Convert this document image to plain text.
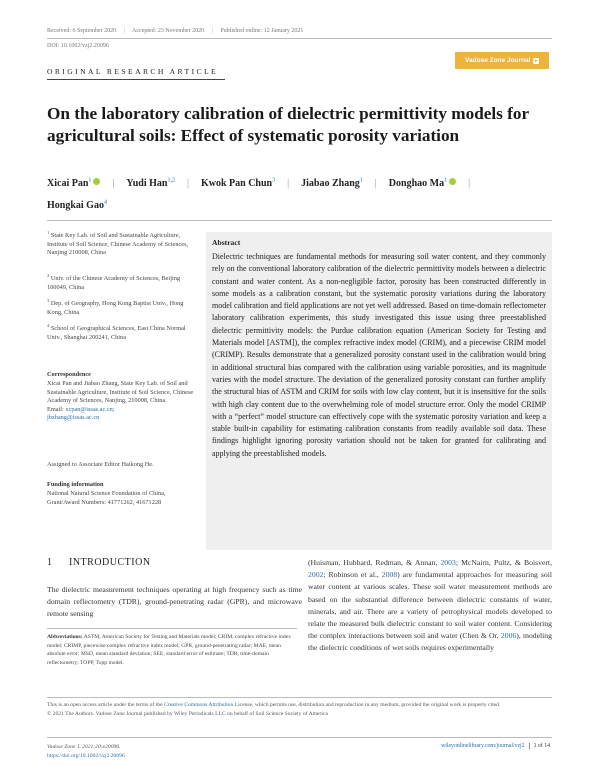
Received: 6 September 2020 | Accepted: 23 November 2020 | Published online: 12 January 2021
DOI: 10.1002/vzj2.20096
Vadose Zone Journal ▸
ORIGINAL RESEARCH ARTICLE
On the laboratory calibration of dielectric permittivity models for agricultural soils: Effect of systematic porosity variation
Xicai Pan$^1$ | Yudi Han$^{1,2}$ | Kwok Pan Chun$^3$ | Jiabao Zhang$^1$ | Donghao Ma$^1$ |
Hongkai Gao$^4$
$^1$ State Key Lab. of Soil and Sustainable Agriculture, Institute of Soil Science, Chinese Academy of Sciences, Nanjing 210008, China
$^2$ Univ. of the Chinese Academy of Sciences, Beijing 100049, China
$^3$ Dep. of Geography, Hong Kong Baptist Univ., Hong Kong, China
$^4$ School of Geographical Sciences, East China Normal Univ., Shanghai 200241, China
Correspondence
Xicai Pan and Jiabao Zhang, State Key Lab. of Soil and Sustainable Agriculture, Institute of Soil Science, Chinese Academy of Sciences, Nanjing, 210008, China.
Email: xcpan@issas.ac.cn;
jbzhang@issas.ac.cn
Assigned to Associate Editor Haikong He.
Funding information
National Natural Science Foundation of China, Grant/Award Numbers: 41771262, 41671228
Abstract
Dielectric techniques are fundamental methods for measuring soil water content, and they commonly rely on the conventional laboratory calibration of the dielectric permittivity models between a dielectric constant and water content. As a non-negligible factor, porosity has been constructed differently in some models as a calibration constant, but the systematic porosity variations during the laboratory model calibration and field applications are not yet well addressed. Based on time-domain reflectometer laboratory calibration experiments, this study investigated this issue using three preestablished dielectric permittivity models: the Purdue calibration equation (American Society for Testing and Materials model [ASTM]), the complex refractive index model (CRIM), and a piecewise CRIM model (CRIMP). Results demonstrate that a generalized porosity constant used in the calibration would bring in additional structural bias compared with the calibration using variable porosities, and its magnitude varies with the model structure. The deviation of the generalized porosity constant can further amplify the structural bias of ASTM and CRIM for soils with low clay content, but it is insensitive for the soils with high clay content due to the overwhelming role of model structure error. Only the model CRIMP with a “perfect” model structure can effectively cope with the systematic porosity variation and keep a stable built-in capability for estimating calibration constants from readily available soil data. These findings highlight ignoring porosity variation should not be taken for granted for calibrating and applying the preestablished models.
1 INTRODUCTION
The dielectric measurement techniques operating at high frequency such as time domain reflectometry (TDR), ground-penetrating radar (GPR), and microwave remote sensing
(Huisman, Hubbard, Redman, & Annan, 2003; McNairn, Pultz, & Boisvert, 2002; Robinson et al., 2008) are fundamental approaches for measuring soil water content at various scales. These soil water measurement methods are based on the substantial difference between dielectric constants of water, minerals, and air. There are a variety of petrophysical models developed to relate the measured bulk dielectric constant to soil water content. Considering the complex interactions between soil and water (Chen & Or, 2006), modeling the dielectric conditions of wet soils requires experimentally
Abbreviations: ASTM, American Society for Testing and Materials model; CRIM, complex refractive index model; CRIMP, piecewise complex refractive index model; GPR, ground-penetrating radar; MAE, mean absolute error; MSD, mean standard deviation; SEE, standard error of estimate; TDR, time-domain reflectometry; TOPP, Topp model.
This is an open access article under the terms of the Creative Commons Attribution License, which permits use, distribution and reproduction in any medium, provided the original work is properly cited.
© 2021 The Authors. Vadose Zone Journal published by Wiley Periodicals LLC on behalf of Soil Science Society of America
Vadose Zone J. 2021;20:e20096.
https://doi.org/10.1002/vzj2.20096
wileyonlinelibrary.com/journal/vzj2 1 of 14
